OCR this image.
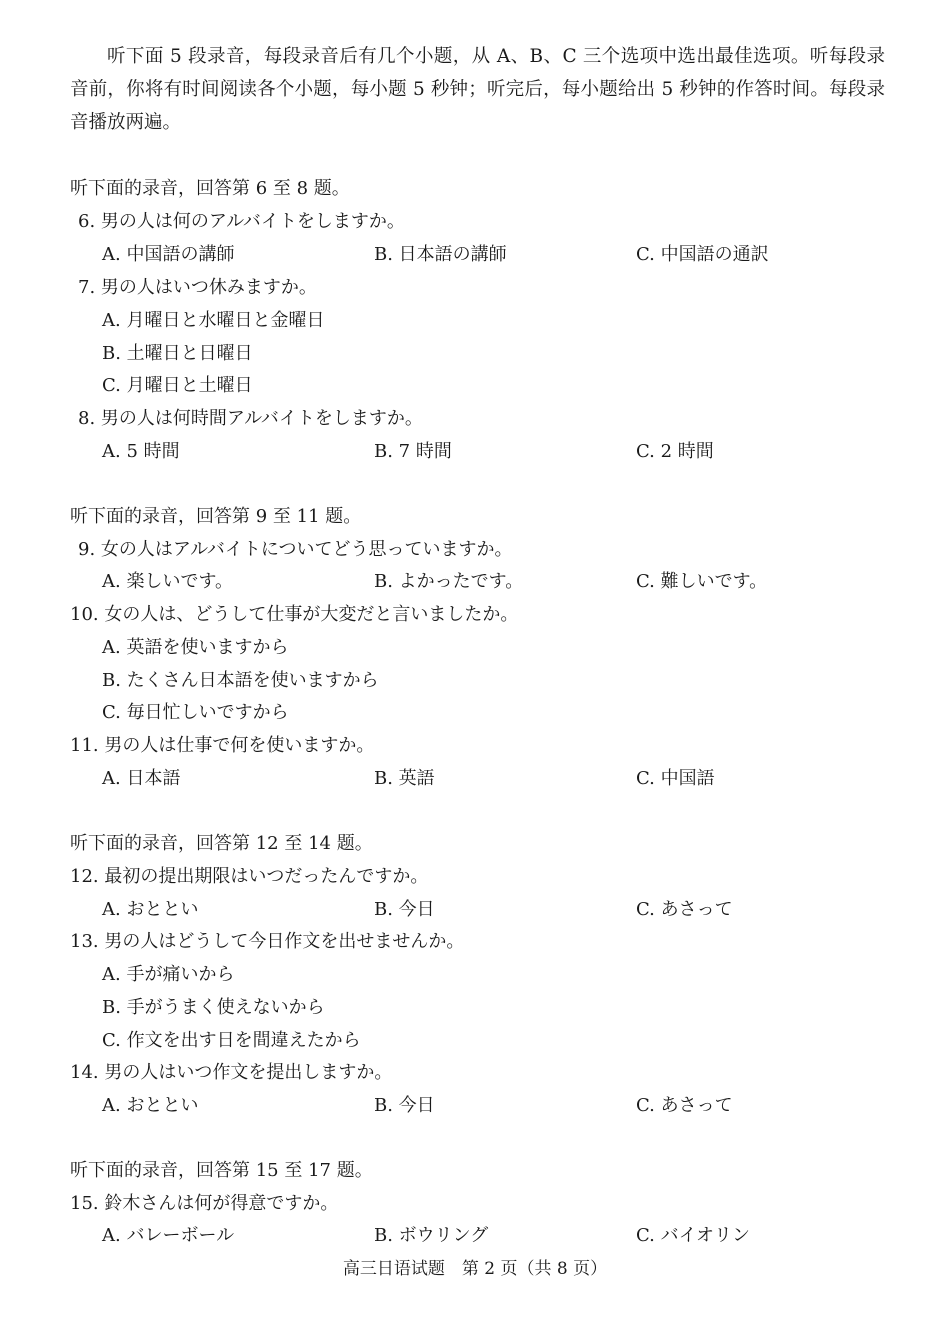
听下面 5 段录音，每段录音后有几个小题，从 A、B、C 三个选项中选出最佳选项。听每段录音前，你将有时间阅读各个小题，每小题 5 秒钟；听完后，每小题给出 5 秒钟的作答时间。每段录音播放两遍。
听下面的录音，回答第 6 至 8 题。
6. 男の人は何のアルバイトをしますか。
A. 中国語の講師	B. 日本語の講師	C. 中国語の通訳
7. 男の人はいつ休みますか。
A. 月曜日と水曜日と金曜日
B. 土曜日と日曜日
C. 月曜日と土曜日
8. 男の人は何時間アルバイトをしますか。
A. 5 時間	B. 7 時間	C. 2 時間
听下面的录音，回答第 9 至 11 题。
9. 女の人はアルバイトについてどう思っていますか。
A. 楽しいです。	B. よかったです。	C. 難しいです。
10. 女の人は、どうして仕事が大変だと言いましたか。
A. 英語を使いますから
B. たくさん日本語を使いますから
C. 毎日忙しいですから
11. 男の人は仕事で何を使いますか。
A. 日本語	B. 英語	C. 中国語
听下面的录音，回答第 12 至 14 题。
12. 最初の提出期限はいつだったんですか。
A. おととい	B. 今日	C. あさって
13. 男の人はどうして今日作文を出せませんか。
A. 手が痛いから
B. 手がうまく使えないから
C. 作文を出す日を間違えたから
14. 男の人はいつ作文を提出しますか。
A. おととい	B. 今日	C. あさって
听下面的录音，回答第 15 至 17 题。
15. 鈴木さんは何が得意ですか。
A. バレーボール	B. ボウリング	C. バイオリン
高三日语试题　第 2 页（共 8 页）
